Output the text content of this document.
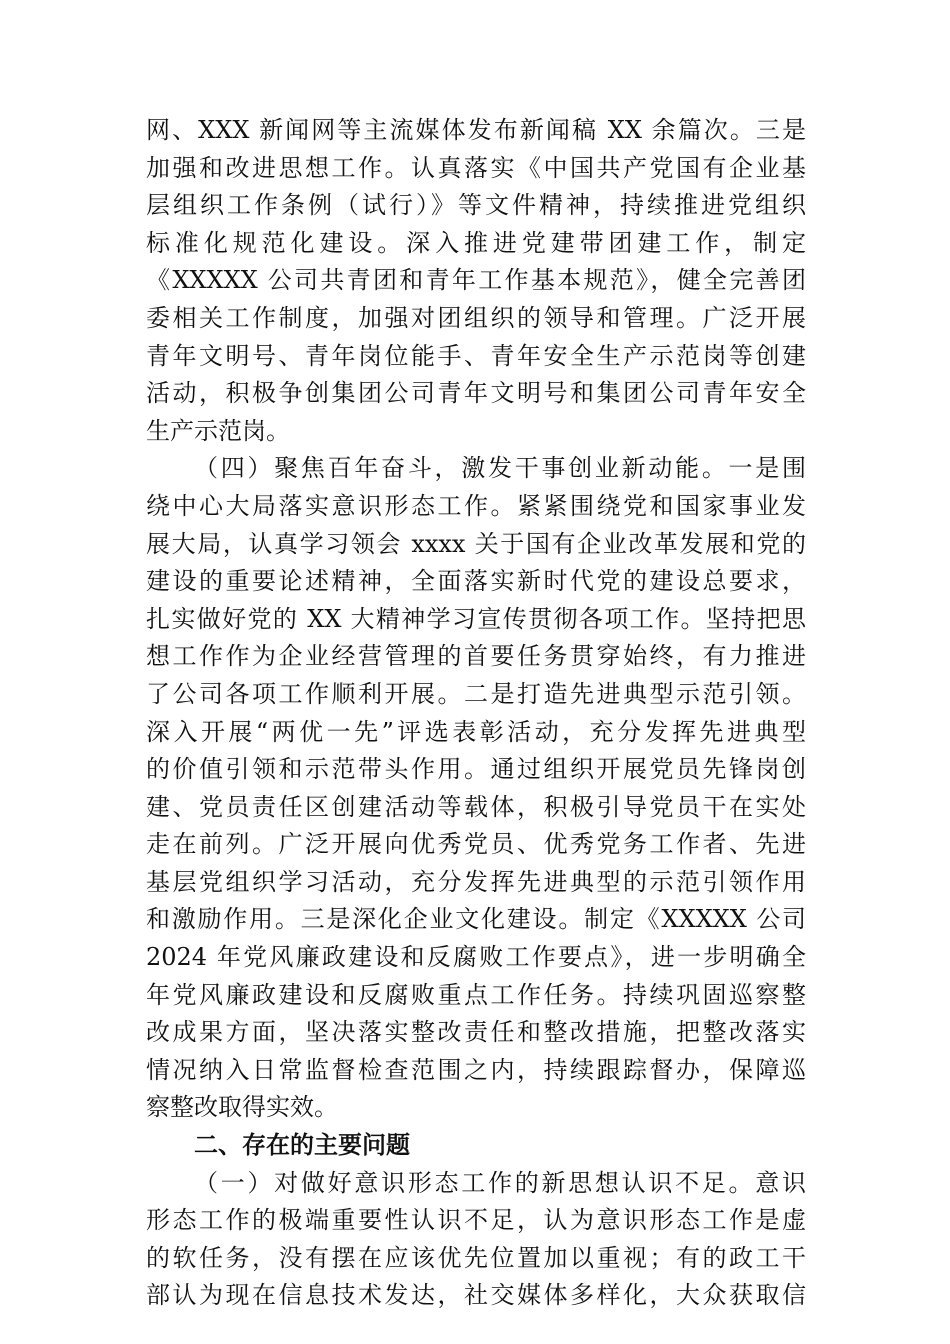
网、XXX 新闻网等主流媒体发布新闻稿 XX 余篇次。三是
加强和改进思想工作。认真落实《中国共产党国有企业基
层组织工作条例（试行）》等文件精神，持续推进党组织
标准化规范化建设。深入推进党建带团建工作，制定
《XXXXX 公司共青团和青年工作基本规范》，健全完善团
委相关工作制度，加强对团组织的领导和管理。广泛开展
青年文明号、青年岗位能手、青年安全生产示范岗等创建
活动，积极争创集团公司青年文明号和集团公司青年安全
生产示范岗。
（四）聚焦百年奋斗，激发干事创业新动能。一是围
绕中心大局落实意识形态工作。紧紧围绕党和国家事业发
展大局，认真学习领会 xxxx 关于国有企业改革发展和党的
建设的重要论述精神，全面落实新时代党的建设总要求，
扎实做好党的 XX 大精神学习宣传贯彻各项工作。坚持把思
想工作作为企业经营管理的首要任务贯穿始终，有力推进
了公司各项工作顺利开展。二是打造先进典型示范引领。
深入开展“两优一先”评选表彰活动，充分发挥先进典型
的价值引领和示范带头作用。通过组织开展党员先锋岗创
建、党员责任区创建活动等载体，积极引导党员干在实处
走在前列。广泛开展向优秀党员、优秀党务工作者、先进
基层党组织学习活动，充分发挥先进典型的示范引领作用
和激励作用。三是深化企业文化建设。制定《XXXXX 公司
2024 年党风廉政建设和反腐败工作要点》，进一步明确全
年党风廉政建设和反腐败重点工作任务。持续巩固巡察整
改成果方面，坚决落实整改责任和整改措施，把整改落实
情况纳入日常监督检查范围之内，持续跟踪督办，保障巡
察整改取得实效。
二、存在的主要问题
（一）对做好意识形态工作的新思想认识不足。意识
形态工作的极端重要性认识不足，认为意识形态工作是虚
的软任务，没有摆在应该优先位置加以重视；有的政工干
部认为现在信息技术发达，社交媒体多样化，大众获取信
